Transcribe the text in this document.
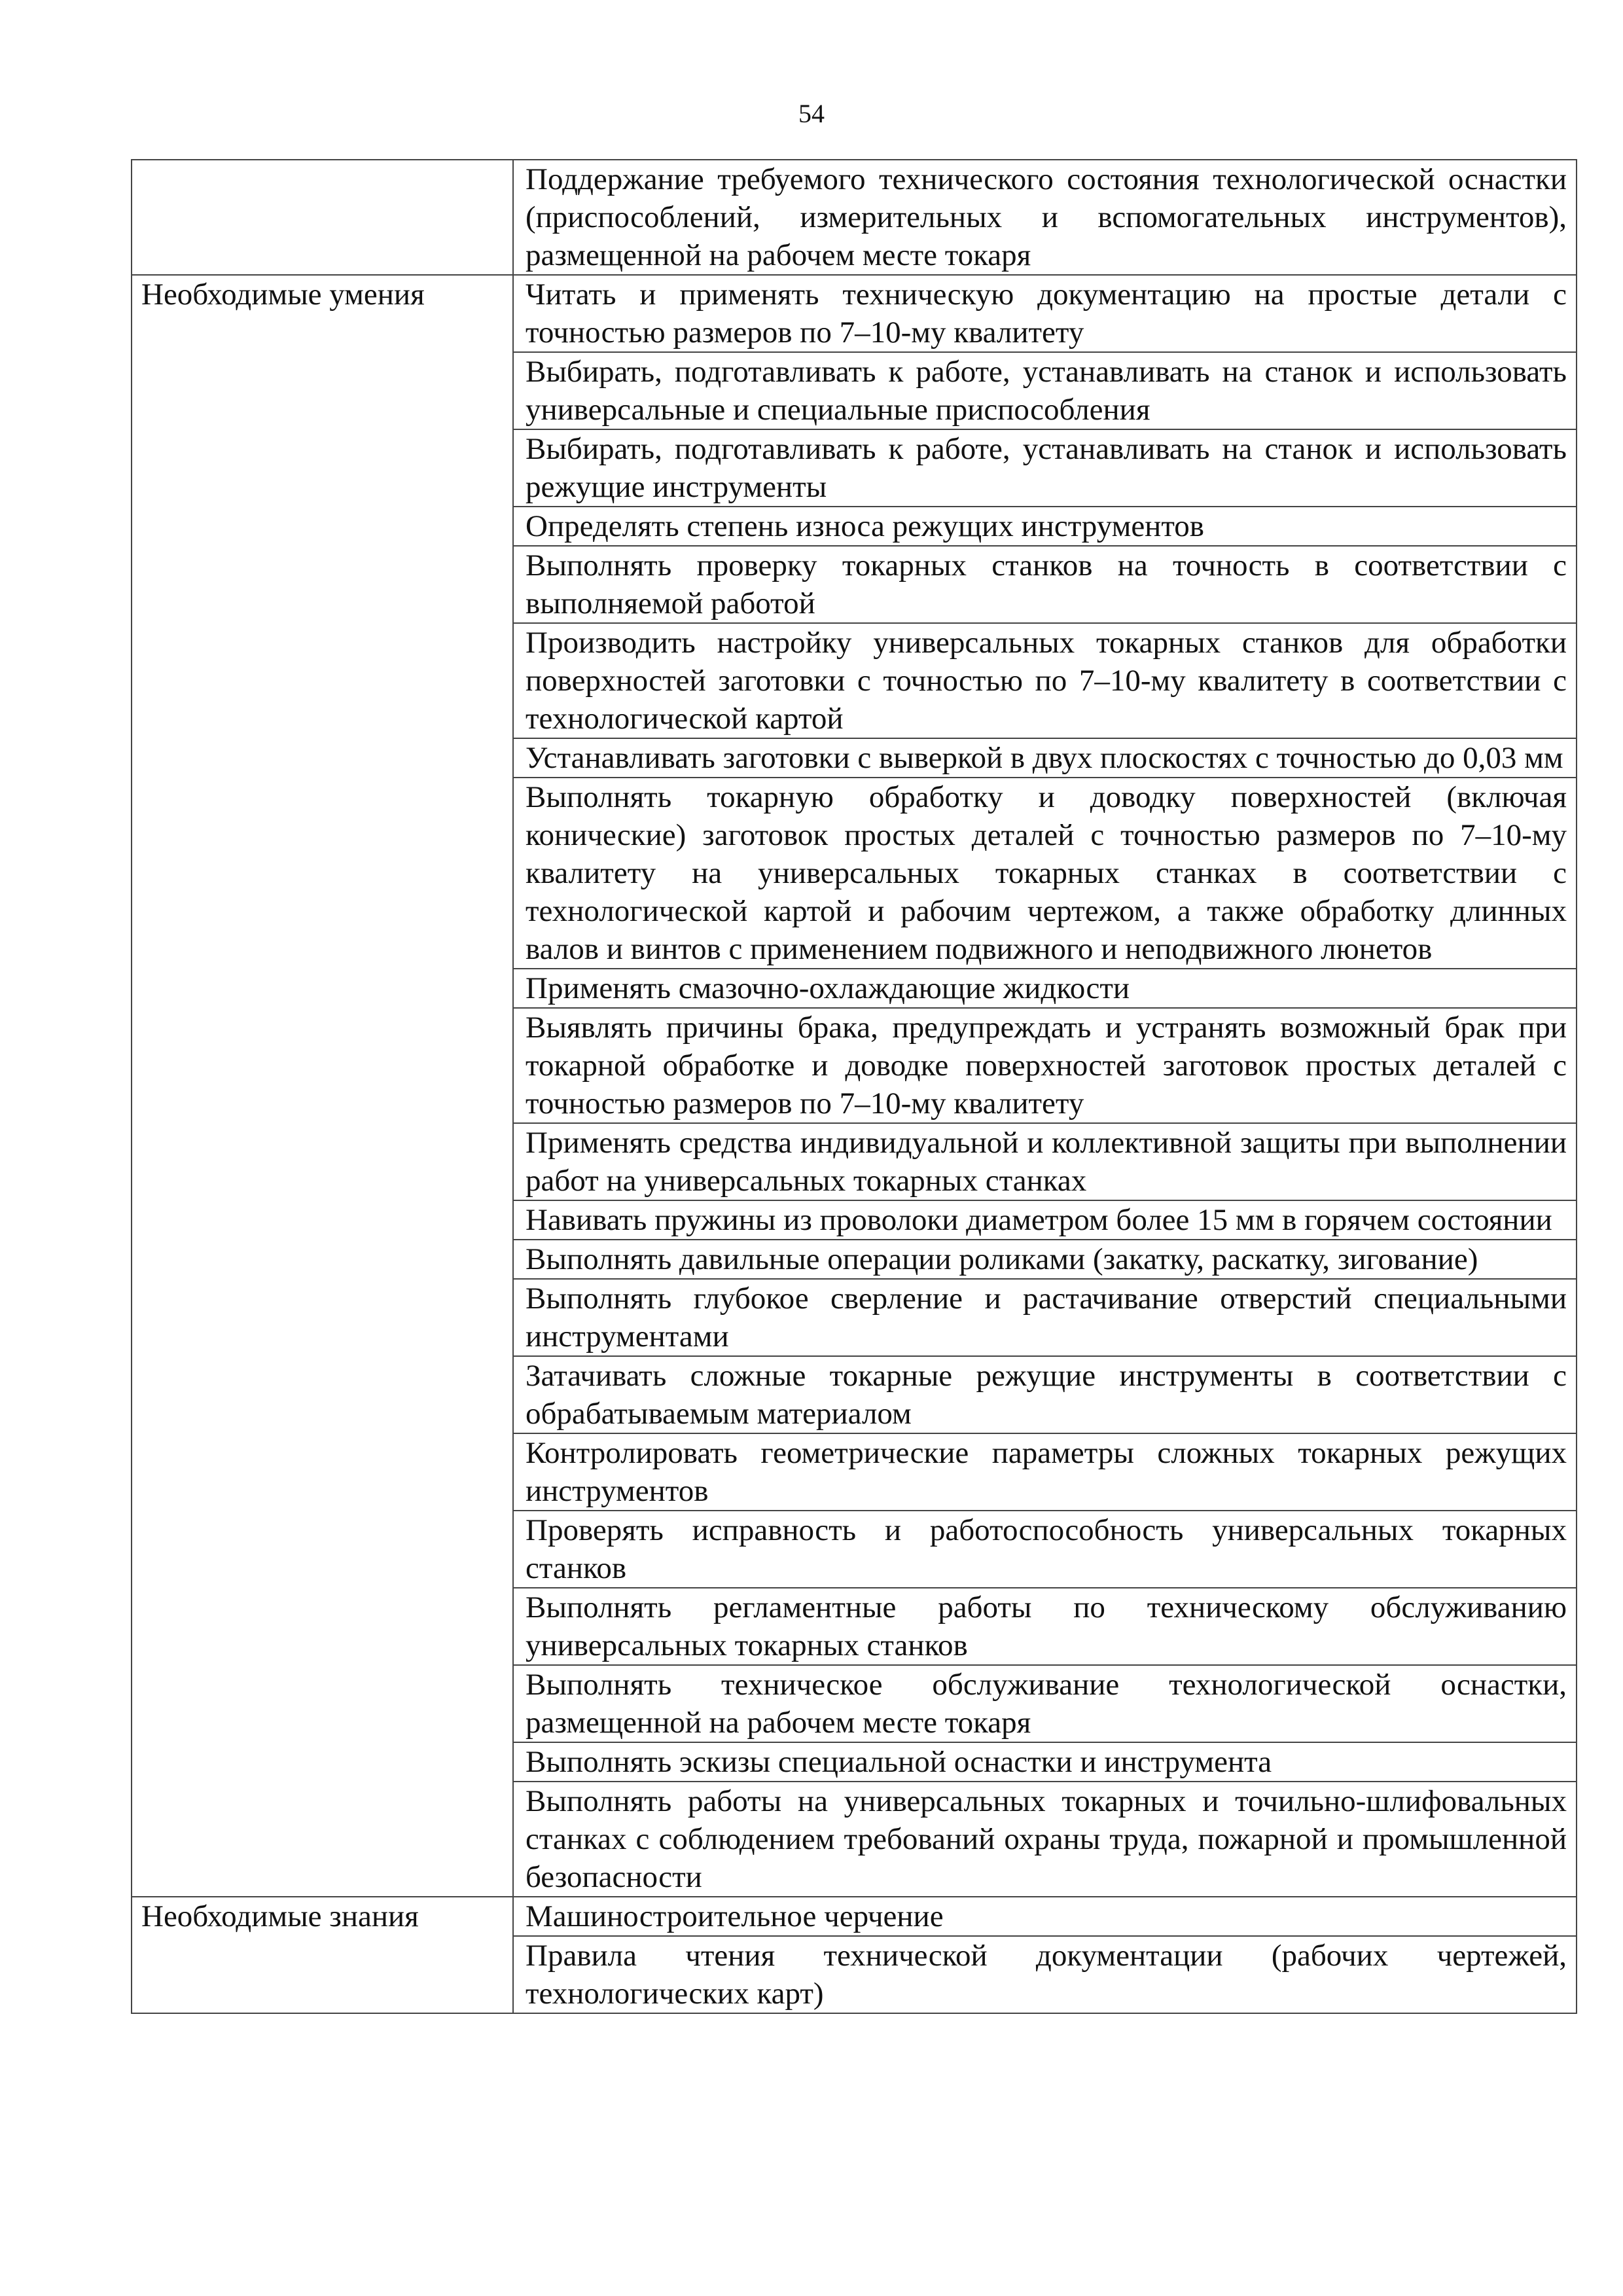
54
	Поддержание требуемого технического состояния технологической оснастки (приспособлений, измерительных и вспомогательных инструментов), размещенной на рабочем месте токаря
Необходимые умения	Читать и применять техническую документацию на простые детали с точностью размеров по 7–10-му квалитету
	Выбирать, подготавливать к работе, устанавливать на станок и использовать универсальные и специальные приспособления
	Выбирать, подготавливать к работе, устанавливать на станок и использовать режущие инструменты
	Определять степень износа режущих инструментов
	Выполнять проверку токарных станков на точность в соответствии с выполняемой работой
	Производить настройку универсальных токарных станков для обработки поверхностей заготовки с точностью по 7–10-му квалитету в соответствии с технологической картой
	Устанавливать заготовки с выверкой в двух плоскостях с точностью до 0,03 мм
	Выполнять токарную обработку и доводку поверхностей (включая конические) заготовок простых деталей с точностью размеров по 7–10-му квалитету на универсальных токарных станках в соответствии с технологической картой и рабочим чертежом, а также обработку длинных валов и винтов с применением подвижного и неподвижного люнетов
	Применять смазочно-охлаждающие жидкости
	Выявлять причины брака, предупреждать и устранять возможный брак при токарной обработке и доводке поверхностей заготовок простых деталей с точностью размеров по 7–10-му квалитету
	Применять средства индивидуальной и коллективной защиты при выполнении работ на универсальных токарных станках
	Навивать пружины из проволоки диаметром более 15 мм в горячем состоянии
	Выполнять давильные операции роликами (закатку, раскатку, зигование)
	Выполнять глубокое сверление и растачивание отверстий специальными инструментами
	Затачивать сложные токарные режущие инструменты в соответствии с обрабатываемым материалом
	Контролировать геометрические параметры сложных токарных режущих инструментов
	Проверять исправность и работоспособность универсальных токарных станков
	Выполнять регламентные работы по техническому обслуживанию универсальных токарных станков
	Выполнять техническое обслуживание технологической оснастки, размещенной на рабочем месте токаря
	Выполнять эскизы специальной оснастки и инструмента
	Выполнять работы на универсальных токарных и точильно-шлифовальных станках с соблюдением требований охраны труда, пожарной и промышленной безопасности
Необходимые знания	Машиностроительное черчение
	Правила чтения технической документации (рабочих чертежей, технологических карт)
